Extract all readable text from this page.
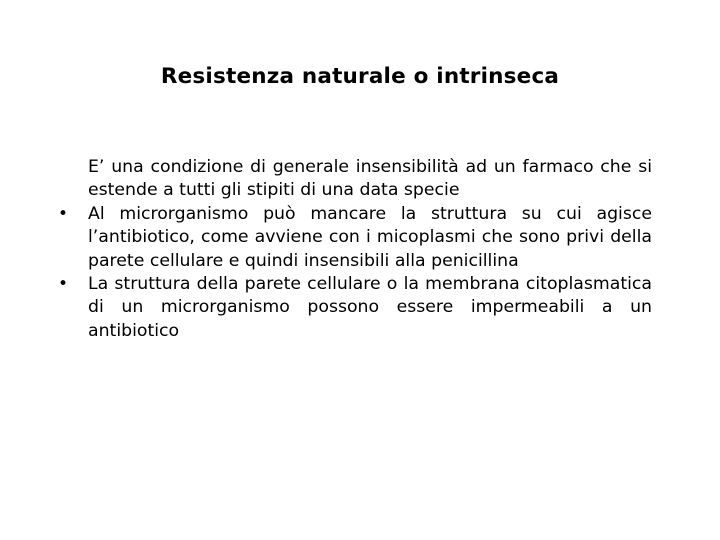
Resistenza naturale o intrinseca
E’ una condizione di generale insensibilità ad un farmaco che si estende a tutti gli stipiti di una data specie
• Al microrganismo può mancare la struttura su cui agisce l’antibiotico, come avviene con i micoplasmi che sono privi della parete cellulare e quindi insensibili alla penicillina
• La struttura della parete cellulare o la membrana citoplasmatica di un microrganismo possono essere impermeabili a un antibiotico
